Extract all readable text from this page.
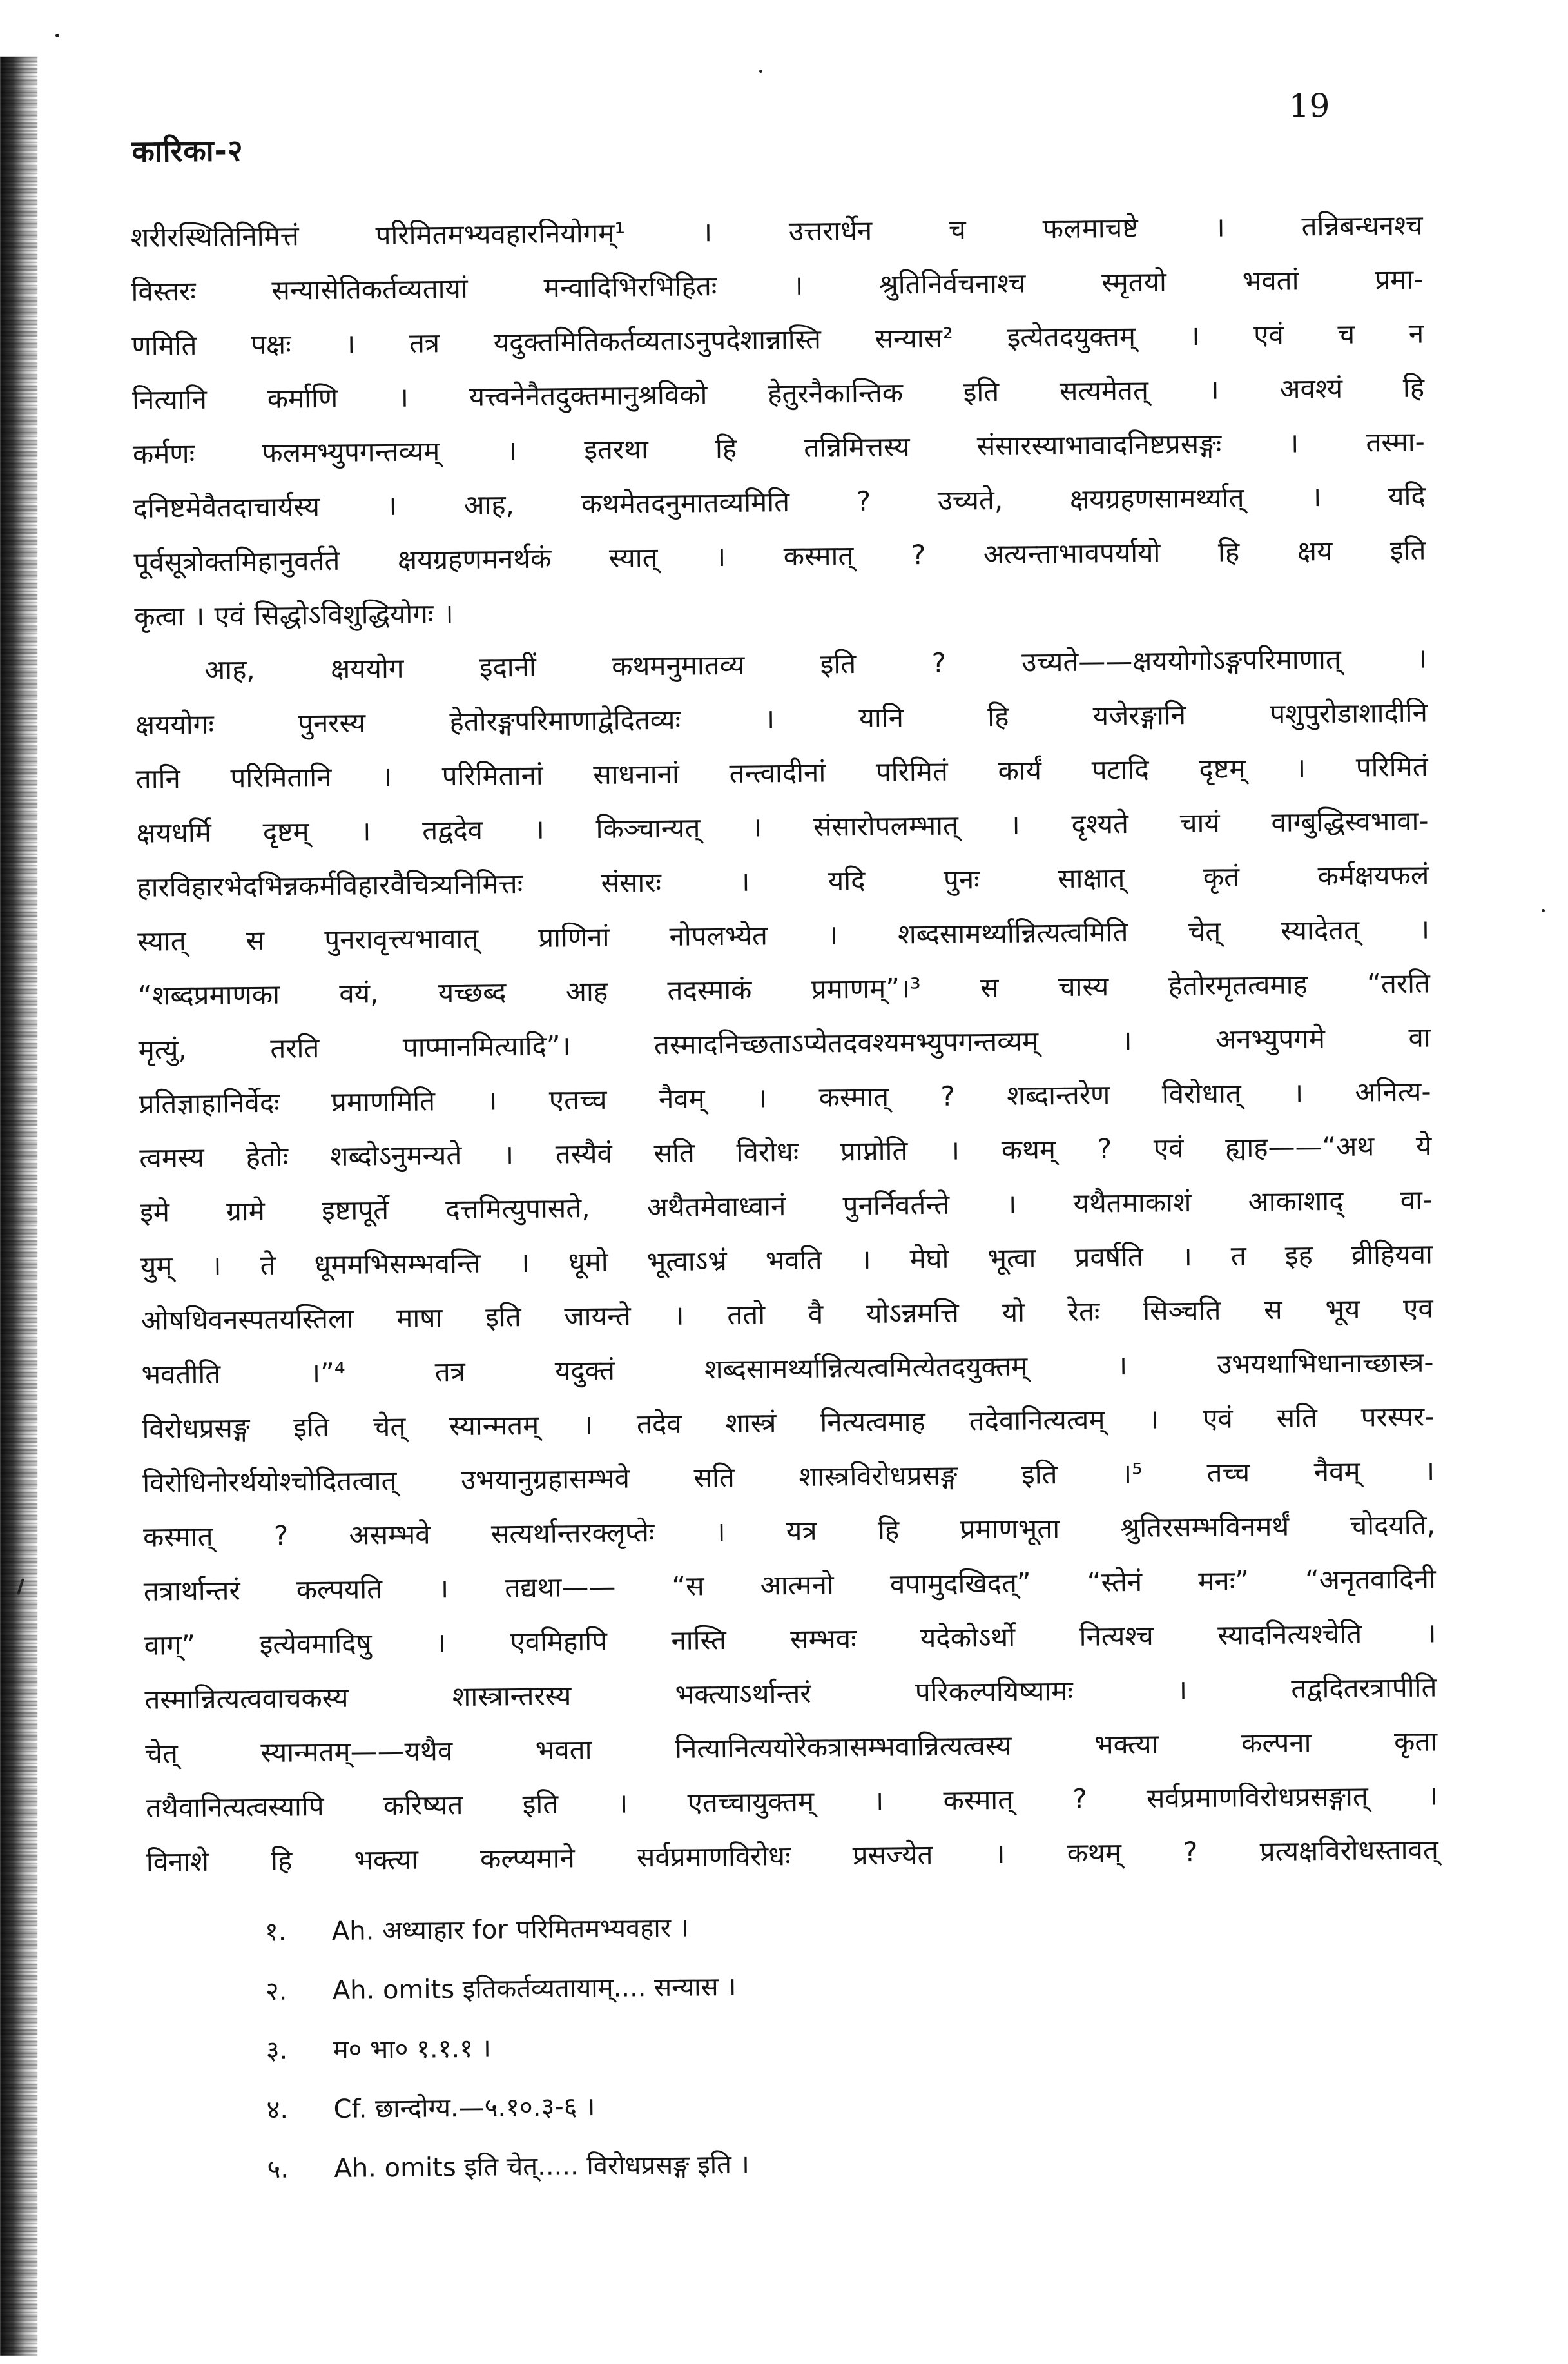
कारिका-२
19
शरीरस्थितिनिमित्तं परिमितमभ्यवहारनियोगम्¹ । उत्तरार्धेन च फलमाचष्टे । तन्निबन्धनश्च
विस्तरः सन्यासेतिकर्तव्यतायां मन्वादिभिरभिहितः । श्रुतिनिर्वचनाश्च स्मृतयो भवतां प्रमा-
णमिति पक्षः । तत्र यदुक्तमितिकर्तव्यताऽनुपदेशान्नास्ति सन्यास² इत्येतदयुक्तम् । एवं च न
नित्यानि कर्माणि । यत्त्वनेनैतदुक्तमानुश्रविको हेतुरनैकान्तिक इति सत्यमेतत् । अवश्यं हि
कर्मणः फलमभ्युपगन्तव्यम् । इतरथा हि तन्निमित्तस्य संसारस्याभावादनिष्टप्रसङ्गः । तस्मा-
दनिष्टमेवैतदाचार्यस्य । आह, कथमेतदनुमातव्यमिति ? उच्यते, क्षयग्रहणसामर्थ्यात् । यदि
पूर्वसूत्रोक्तमिहानुवर्तते क्षयग्रहणमनर्थकं स्यात् । कस्मात् ? अत्यन्ताभावपर्यायो हि क्षय इति
कृत्वा । एवं सिद्धोऽविशुद्धियोगः ।
आह, क्षययोग इदानीं कथमनुमातव्य इति ? उच्यते——क्षययोगोऽङ्गपरिमाणात् ।
क्षययोगः पुनरस्य हेतोरङ्गपरिमाणाद्वेदितव्यः । यानि हि यजेरङ्गानि पशुपुरोडाशादीनि
तानि परिमितानि । परिमितानां साधनानां तन्त्वादीनां परिमितं कार्यं पटादि दृष्टम् । परिमितं
क्षयधर्मि दृष्टम् । तद्वदेव । किञ्चान्यत् । संसारोपलम्भात् । दृश्यते चायं वाग्बुद्धिस्वभावा-
हारविहारभेदभिन्नकर्मविहारवैचित्र्यनिमित्तः संसारः । यदि पुनः साक्षात् कृतं कर्मक्षयफलं
स्यात् स पुनरावृत्त्यभावात् प्राणिनां नोपलभ्येत । शब्दसामर्थ्यान्नित्यत्वमिति चेत् स्यादेतत् ।
“शब्दप्रमाणका वयं, यच्छब्द आह तदस्माकं प्रमाणम्”।³ स चास्य हेतोरमृतत्वमाह “तरति
मृत्युं, तरति पाप्मानमित्यादि”। तस्मादनिच्छताऽप्येतदवश्यमभ्युपगन्तव्यम् । अनभ्युपगमे वा
प्रतिज्ञाहानिर्वेदः प्रमाणमिति । एतच्च नैवम् । कस्मात् ? शब्दान्तरेण विरोधात् । अनित्य-
त्वमस्य हेतोः शब्दोऽनुमन्यते । तस्यैवं सति विरोधः प्राप्नोति । कथम् ? एवं ह्याह——“अथ ये
इमे ग्रामे इष्टापूर्ते दत्तमित्युपासते, अथैतमेवाध्वानं पुनर्निवर्तन्ते । यथैतमाकाशं आकाशाद् वा-
युम् । ते धूममभिसम्भवन्ति । धूमो भूत्वाऽभ्रं भवति । मेघो भूत्वा प्रवर्षति । त इह व्रीहियवा
ओषधिवनस्पतयस्तिला माषा इति जायन्ते । ततो वै योऽन्नमत्ति यो रेतः सिञ्चति स भूय एव
भवतीति ।”⁴ तत्र यदुक्तं शब्दसामर्थ्यान्नित्यत्वमित्येतदयुक्तम् । उभयथाभिधानाच्छास्त्र-
विरोधप्रसङ्ग इति चेत् स्यान्मतम् । तदेव शास्त्रं नित्यत्वमाह तदेवानित्यत्वम् । एवं सति परस्पर-
विरोधिनोरर्थयोश्चोदितत्वात् उभयानुग्रहासम्भवे सति शास्त्रविरोधप्रसङ्ग इति ।⁵ तच्च नैवम् ।
कस्मात् ? असम्भवे सत्यर्थान्तरक्लृप्तेः । यत्र हि प्रमाणभूता श्रुतिरसम्भविनमर्थं चोदयति,
तत्रार्थान्तरं कल्पयति । तद्यथा—— “स आत्मनो वपामुदखिदत्” “स्तेनं मनः” “अनृतवादिनी
वाग्” इत्येवमादिषु । एवमिहापि नास्ति सम्भवः यदेकोऽर्थो नित्यश्च स्यादनित्यश्चेति ।
तस्मान्नित्यत्ववाचकस्य शास्त्रान्तरस्य भक्त्याऽर्थान्तरं परिकल्पयिष्यामः । तद्वदितरत्रापीति
चेत् स्यान्मतम्——यथैव भवता नित्यानित्ययोरेकत्रासम्भवान्नित्यत्वस्य भक्त्या कल्पना कृता
तथैवानित्यत्वस्यापि करिष्यत इति । एतच्चायुक्तम् । कस्मात् ? सर्वप्रमाणविरोधप्रसङ्गात् ।
विनाशे हि भक्त्या कल्प्यमाने सर्वप्रमाणविरोधः प्रसज्येत । कथम् ? प्रत्यक्षविरोधस्तावत्
१.	Ah. अध्याहार for परिमितमभ्यवहार ।
२.	Ah. omits इतिकर्तव्यतायाम्.... सन्यास ।
३.	म० भा० १.१.१ ।
४.	Cf. छान्दोग्य.—५.१०.३-६ ।
५.	Ah. omits इति चेत्..... विरोधप्रसङ्ग इति ।
